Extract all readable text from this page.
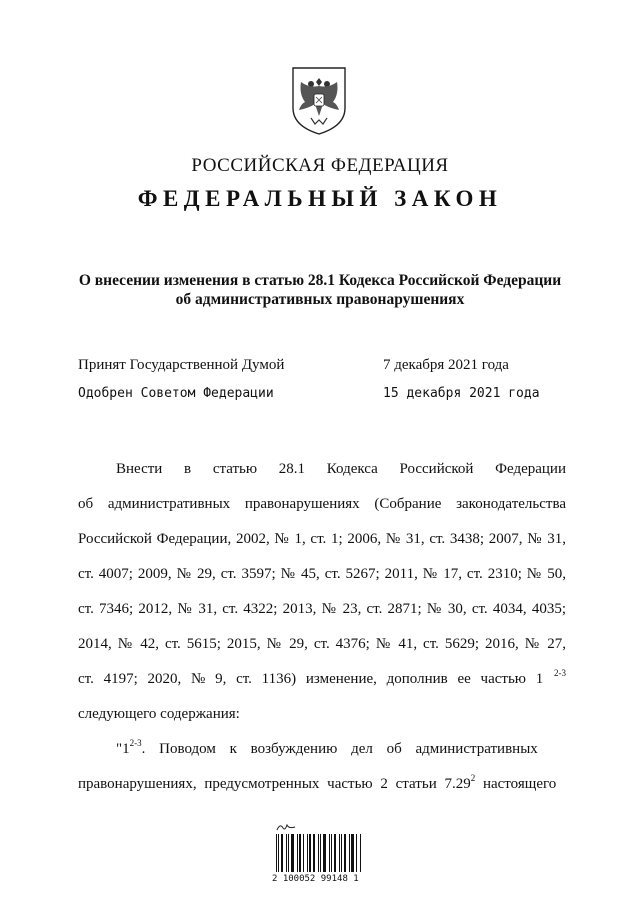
РОССИЙСКАЯ ФЕДЕРАЦИЯ
ФЕДЕРАЛЬНЫЙ ЗАКОН
О внесении изменения в статью 28.1 Кодекса Российской Федерации
об административных правонарушениях
Принят Государственной Думой	7 декабря 2021 года
Одобрен Советом Федерации	15 декабря 2021 года
Внести в статью 28.1 Кодекса Российской Федерации
об административных правонарушениях (Собрание законодательства
Российской Федерации, 2002, № 1, ст. 1; 2006, № 31, ст. 3438; 2007, № 31,
ст. 4007; 2009, № 29, ст. 3597; № 45, ст. 5267; 2011, № 17, ст. 2310; № 50,
ст. 7346; 2012, № 31, ст. 4322; 2013, № 23, ст. 2871; № 30, ст. 4034, 4035;
2014, № 42, ст. 5615; 2015, № 29, ст. 4376; № 41, ст. 5629; 2016, № 27,
ст. 4197; 2020, № 9, ст. 1136) изменение, дополнив ее частью 1 $^{2-3}$
следующего содержания:
"1$^{2-3}$. Поводом к возбуждению дел об административных
правонарушениях, предусмотренных частью 2 статьи 7.29$^2$ настоящего
2 100052 99148 1
